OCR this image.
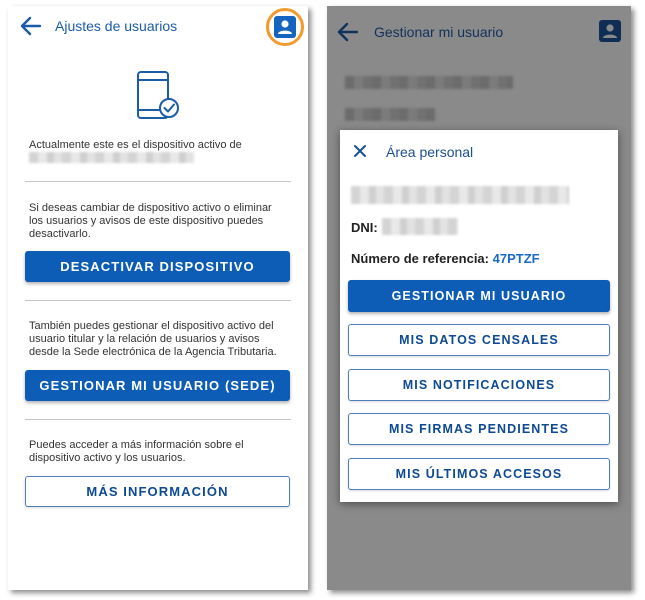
Ajustes de usuarios
Actualmente este es el dispositivo activo de
Si deseas cambiar de dispositivo activo o eliminar los usuarios y avisos de este dispositivo puedes desactivarlo.
DESACTIVAR DISPOSITIVO
También puedes gestionar el dispositivo activo del usuario titular y la relación de usuarios y avisos desde la Sede electrónica de la Agencia Tributaria.
GESTIONAR MI USUARIO (SEDE)
Puedes acceder a más información sobre el dispositivo activo y los usuarios.
MÁS INFORMACIÓN
Gestionar mi usuario
Área personal
DNI:
Número de referencia: 47PTZF
GESTIONAR MI USUARIO
MIS DATOS CENSALES
MIS NOTIFICACIONES
MIS FIRMAS PENDIENTES
MIS ÚLTIMOS ACCESOS
